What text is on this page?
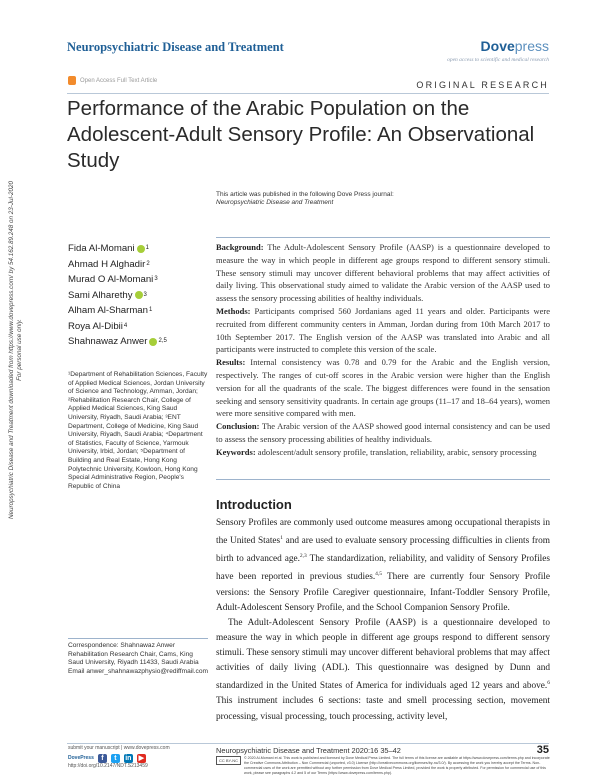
Neuropsychiatric Disease and Treatment	Dovepress
open access to scientific and medical research
Open Access Full Text Article	ORIGINAL RESEARCH
Performance of the Arabic Population on the Adolescent-Adult Sensory Profile: An Observational Study
This article was published in the following Dove Press journal:
Neuropsychiatric Disease and Treatment
Neuropsychiatric Disease and Treatment downloaded from https://www.dovepress.com/ by 54.162.89.248 on 23-Jul-2020 For personal use only.
Fida Al-Momani 1
Ahmad H Alghadir 2
Murad O Al-Momani 3
Sami Alharethy 3
Alham Al-Sharman 1
Roya Al-Dibii 4
Shahnawaz Anwer 2,5
¹Department of Rehabilitation Sciences, Faculty of Applied Medical Sciences, Jordan University of Science and Technology, Amman, Jordan; ²Rehabilitation Research Chair, College of Applied Medical Sciences, King Saud University, Riyadh, Saudi Arabia; ³ENT Department, College of Medicine, King Saud University, Riyadh, Saudi Arabia; ⁴Department of Statistics, Faculty of Science, Yarmouk University, Irbid, Jordan; ⁵Department of Building and Real Estate, Hong Kong Polytechnic University, Kowloon, Hong Kong Special Administrative Region, People's Republic of China

Background: The Adult-Adolescent Sensory Profile (AASP) is a questionnaire developed to measure the way in which people in different age groups respond to different sensory stimuli. These sensory stimuli may uncover different behavioral problems that may affect activities of daily living. This observational study aimed to validate the Arabic version of the AASP used to assess the sensory processing abilities of healthy individuals.

Methods: Participants comprised 560 Jordanians aged 11 years and older. Participants were recruited from different community centers in Amman, Jordan during from 10th March 2017 to 10th September 2017. The English version of the AASP was translated into Arabic and all participants were instructed to complete this version of the scale.

Results: Internal consistency was 0.78 and 0.79 for the Arabic and the English version, respectively. The ranges of cut-off scores in the Arabic version were higher than the English version for all the quadrants of the scale. The biggest differences were found in the sensation seeking and sensory sensitivity quadrants. In certain age groups (11–17 and 18–64 years), women were more sensitive compared with men.

Conclusion: The Arabic version of the AASP showed good internal consistency and can be used to assess the sensory processing abilities of healthy individuals.

Keywords: adolescent/adult sensory profile, translation, reliability, arabic, sensory processing

Introduction

Sensory Profiles are commonly used outcome measures among occupational therapists in the United States$^1$ and are used to evaluate sensory processing difficulties in clients from birth to advanced age.$^{2,3}$ The standardization, reliability, and validity of Sensory Profiles have been reported in previous studies.$^{4,5}$ There are currently four Sensory Profile versions: the Sensory Profile Caregiver questionnaire, Infant-Toddler Sensory Profile, Adult-Adolescent Sensory Profile, and the School Companion Sensory Profile.

The Adult-Adolescent Sensory Profile (AASP) is a questionnaire developed to measure the way in which people in different age groups respond to different sensory stimuli. These sensory stimuli may uncover different behavioral problems that may affect activities of daily living (ADL). This questionnaire was designed by Dunn and standardized in the United States of America for individuals aged 12 years and above.$^6$ This instrument includes 6 sections: taste and smell processing section, movement processing, visual processing, touch processing, activity level,

Correspondence: Shahnawaz Anwer
Rehabilitation Research Chair, Cams, King Saud University, Riyadh 11433, Saudi Arabia
Email anwer_shahnawazphysio@rediffmail.com
submit your manuscript | www.dovepress.com
DovePress	f	t	in ▶
http://doi.org/10.2147/NDT.S213459
Neuropsychiatric Disease and Treatment 2020:16 35–42	35
CC BY-NC	© 2020 Al-Momani et al. This work is published and licensed by Dove Medical Press Limited. The full terms of this license are available at https://www.dovepress.com/terms.php and incorporate the Creative Commons Attribution – Non Commercial (unported, v3.0) License (http://creativecommons.org/licenses/by-nc/3.0/). By accessing the work you hereby accept the Terms. Non-commercial uses of the work are permitted without any further permission from Dove Medical Press Limited, provided the work is properly attributed. For permission for commercial use of this work, please see paragraphs 4.2 and 5 of our Terms (https://www.dovepress.com/terms.php).
